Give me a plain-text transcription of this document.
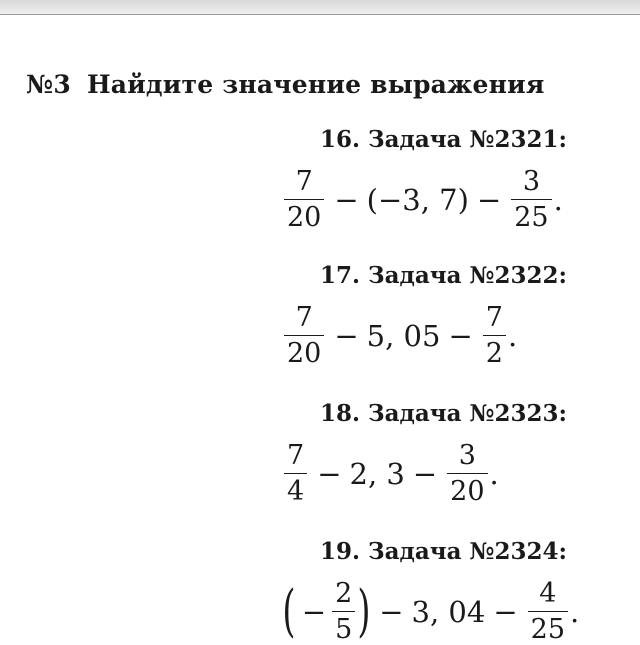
№3 Найдите значение выражения
16. Задача №2321:
$\frac{7}{20} - (-3$, $7) - \frac{3}{25}$ .
17. Задача №2322:
$\frac{7}{20} - 5$, $05 - \frac{7}{2}$ .
18. Задача №2323:
$\frac{7}{4} - 2$, $3 - \frac{3}{20}$ .
19. Задача №2324:
( − $\frac{2}{5}$ ) − 3, $04 - \frac{4}{25}$ .
